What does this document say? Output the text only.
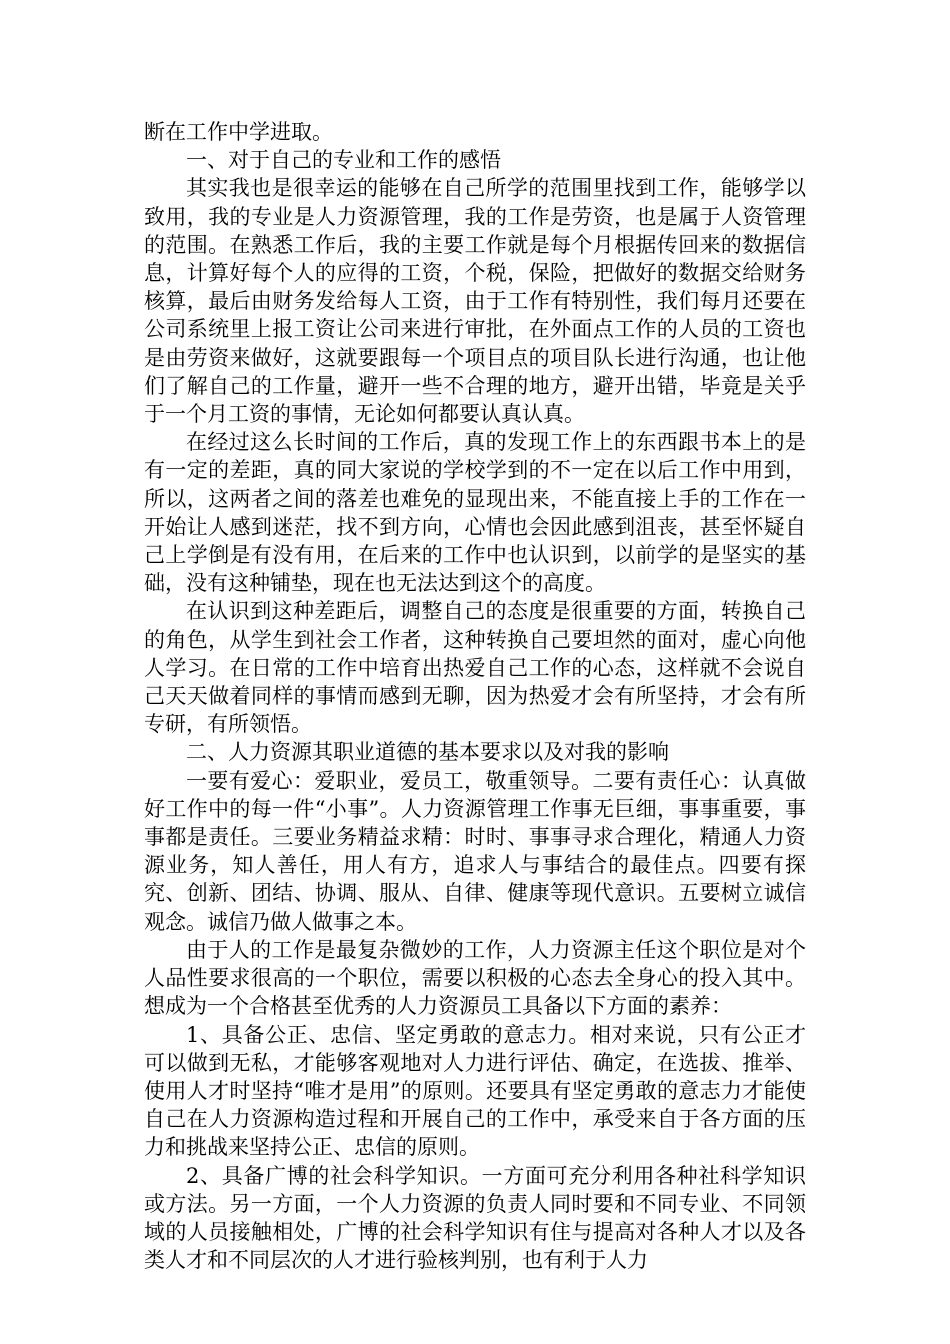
断在工作中学进取。

一、对于自己的专业和工作的感悟

其实我也是很幸运的能够在自己所学的范围里找到工作，能够学以致用，我的专业是人力资源管理，我的工作是劳资，也是属于人资管理的范围。在熟悉工作后，我的主要工作就是每个月根据传回来的数据信息，计算好每个人的应得的工资，个税，保险，把做好的数据交给财务核算，最后由财务发给每人工资，由于工作有特别性，我们每月还要在公司系统里上报工资让公司来进行审批，在外面点工作的人员的工资也是由劳资来做好，这就要跟每一个项目点的项目队长进行沟通，也让他们了解自己的工作量，避开一些不合理的地方，避开出错，毕竟是关乎于一个月工资的事情，无论如何都要认真认真。

在经过这么长时间的工作后，真的发现工作上的东西跟书本上的是有一定的差距，真的同大家说的学校学到的不一定在以后工作中用到，所以，这两者之间的落差也难免的显现出来，不能直接上手的工作在一开始让人感到迷茫，找不到方向，心情也会因此感到沮丧，甚至怀疑自己上学倒是有没有用，在后来的工作中也认识到，以前学的是坚实的基础，没有这种铺垫，现在也无法达到这个的高度。

在认识到这种差距后，调整自己的态度是很重要的方面，转换自己的角色，从学生到社会工作者，这种转换自己要坦然的面对，虚心向他人学习。在日常的工作中培育出热爱自己工作的心态，这样就不会说自己天天做着同样的事情而感到无聊，因为热爱才会有所坚持，才会有所专研，有所领悟。

二、人力资源其职业道德的基本要求以及对我的影响

一要有爱心：爱职业，爱员工，敬重领导。二要有责任心：认真做好工作中的每一件“小事”。人力资源管理工作事无巨细，事事重要，事事都是责任。三要业务精益求精：时时、事事寻求合理化，精通人力资源业务，知人善任，用人有方，追求人与事结合的最佳点。四要有探究、创新、团结、协调、服从、自律、健康等现代意识。五要树立诚信观念。诚信乃做人做事之本。

由于人的工作是最复杂微妙的工作，人力资源主任这个职位是对个人品性要求很高的一个职位，需要以积极的心态去全身心的投入其中。想成为一个合格甚至优秀的人力资源员工具备以下方面的素养：

1、具备公正、忠信、坚定勇敢的意志力。相对来说，只有公正才可以做到无私，才能够客观地对人力进行评估、确定，在选拔、推举、使用人才时坚持“唯才是用”的原则。还要具有坚定勇敢的意志力才能使自己在人力资源构造过程和开展自己的工作中，承受来自于各方面的压力和挑战来坚持公正、忠信的原则。

2、具备广博的社会科学知识。一方面可充分利用各种社科学知识或方法。另一方面，一个人力资源的负责人同时要和不同专业、不同领域的人员接触相处，广博的社会科学知识有住与提高对各种人才以及各类人才和不同层次的人才进行验核判别，也有利于人力
